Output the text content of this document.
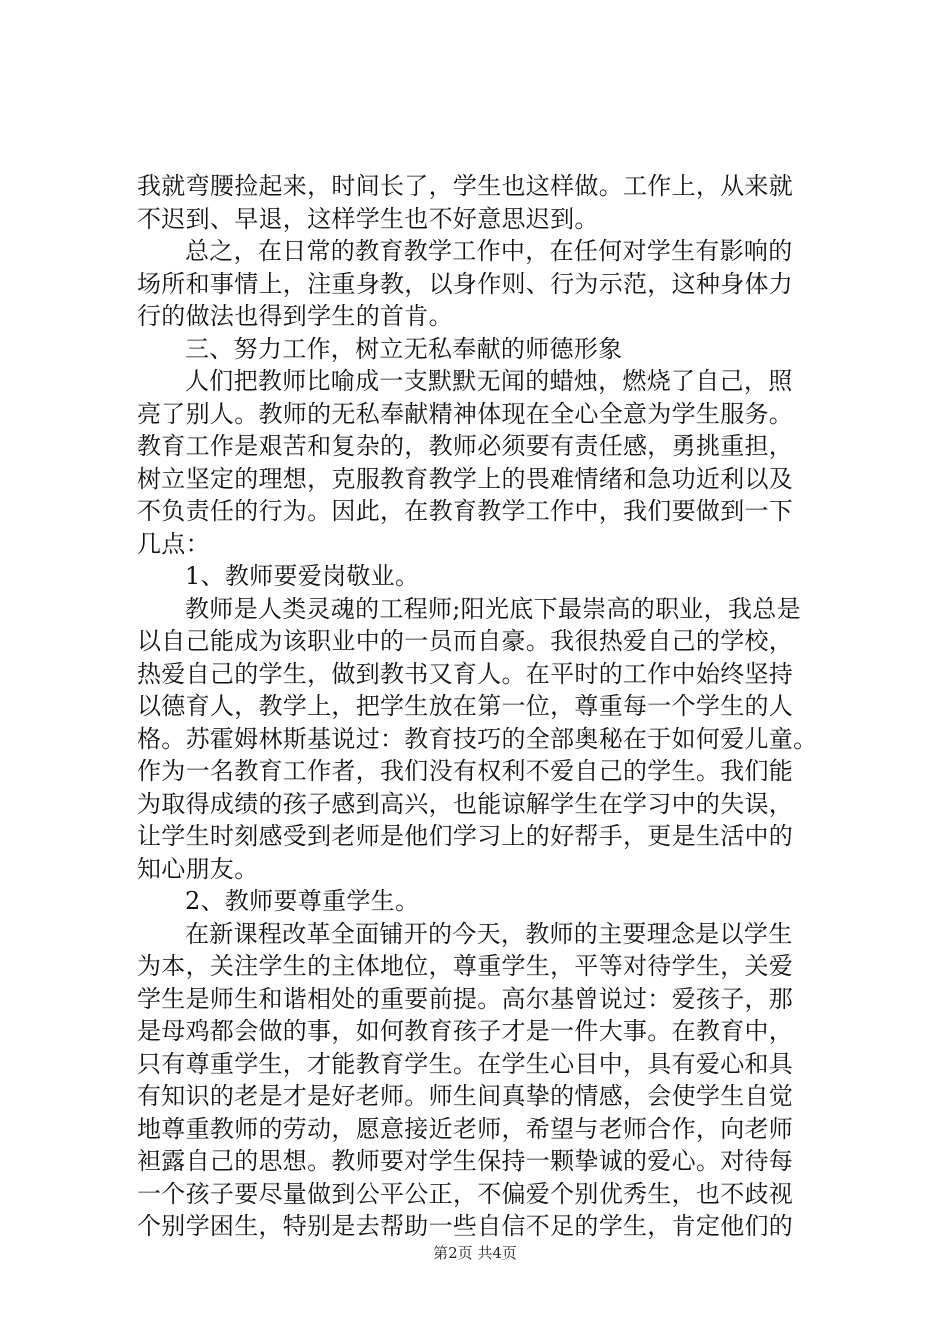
我就弯腰捡起来，时间长了，学生也这样做。工作上，从来就
不迟到、早退，这样学生也不好意思迟到。
总之，在日常的教育教学工作中，在任何对学生有影响的
场所和事情上，注重身教，以身作则、行为示范，这种身体力
行的做法也得到学生的首肯。
三、努力工作，树立无私奉献的师德形象
人们把教师比喻成一支默默无闻的蜡烛，燃烧了自己，照
亮了别人。教师的无私奉献精神体现在全心全意为学生服务。
教育工作是艰苦和复杂的，教师必须要有责任感，勇挑重担，
树立坚定的理想，克服教育教学上的畏难情绪和急功近利以及
不负责任的行为。因此，在教育教学工作中，我们要做到一下
几点：
1、教师要爱岗敬业。
教师是人类灵魂的工程师;阳光底下最崇高的职业，我总是
以自己能成为该职业中的一员而自豪。我很热爱自己的学校，
热爱自己的学生，做到教书又育人。在平时的工作中始终坚持
以德育人，教学上，把学生放在第一位，尊重每一个学生的人
格。苏霍姆林斯基说过：教育技巧的全部奥秘在于如何爱儿童。
作为一名教育工作者，我们没有权利不爱自己的学生。我们能
为取得成绩的孩子感到高兴，也能谅解学生在学习中的失误，
让学生时刻感受到老师是他们学习上的好帮手，更是生活中的
知心朋友。
2、教师要尊重学生。
在新课程改革全面铺开的今天，教师的主要理念是以学生
为本，关注学生的主体地位，尊重学生，平等对待学生，关爱
学生是师生和谐相处的重要前提。高尔基曾说过：爱孩子，那
是母鸡都会做的事，如何教育孩子才是一件大事。在教育中，
只有尊重学生，才能教育学生。在学生心目中，具有爱心和具
有知识的老是才是好老师。师生间真挚的情感，会使学生自觉
地尊重教师的劳动，愿意接近老师，希望与老师合作，向老师
袒露自己的思想。教师要对学生保持一颗挚诚的爱心。对待每
一个孩子要尽量做到公平公正，不偏爱个别优秀生，也不歧视
个别学困生，特别是去帮助一些自信不足的学生，肯定他们的
第2页 共4页
